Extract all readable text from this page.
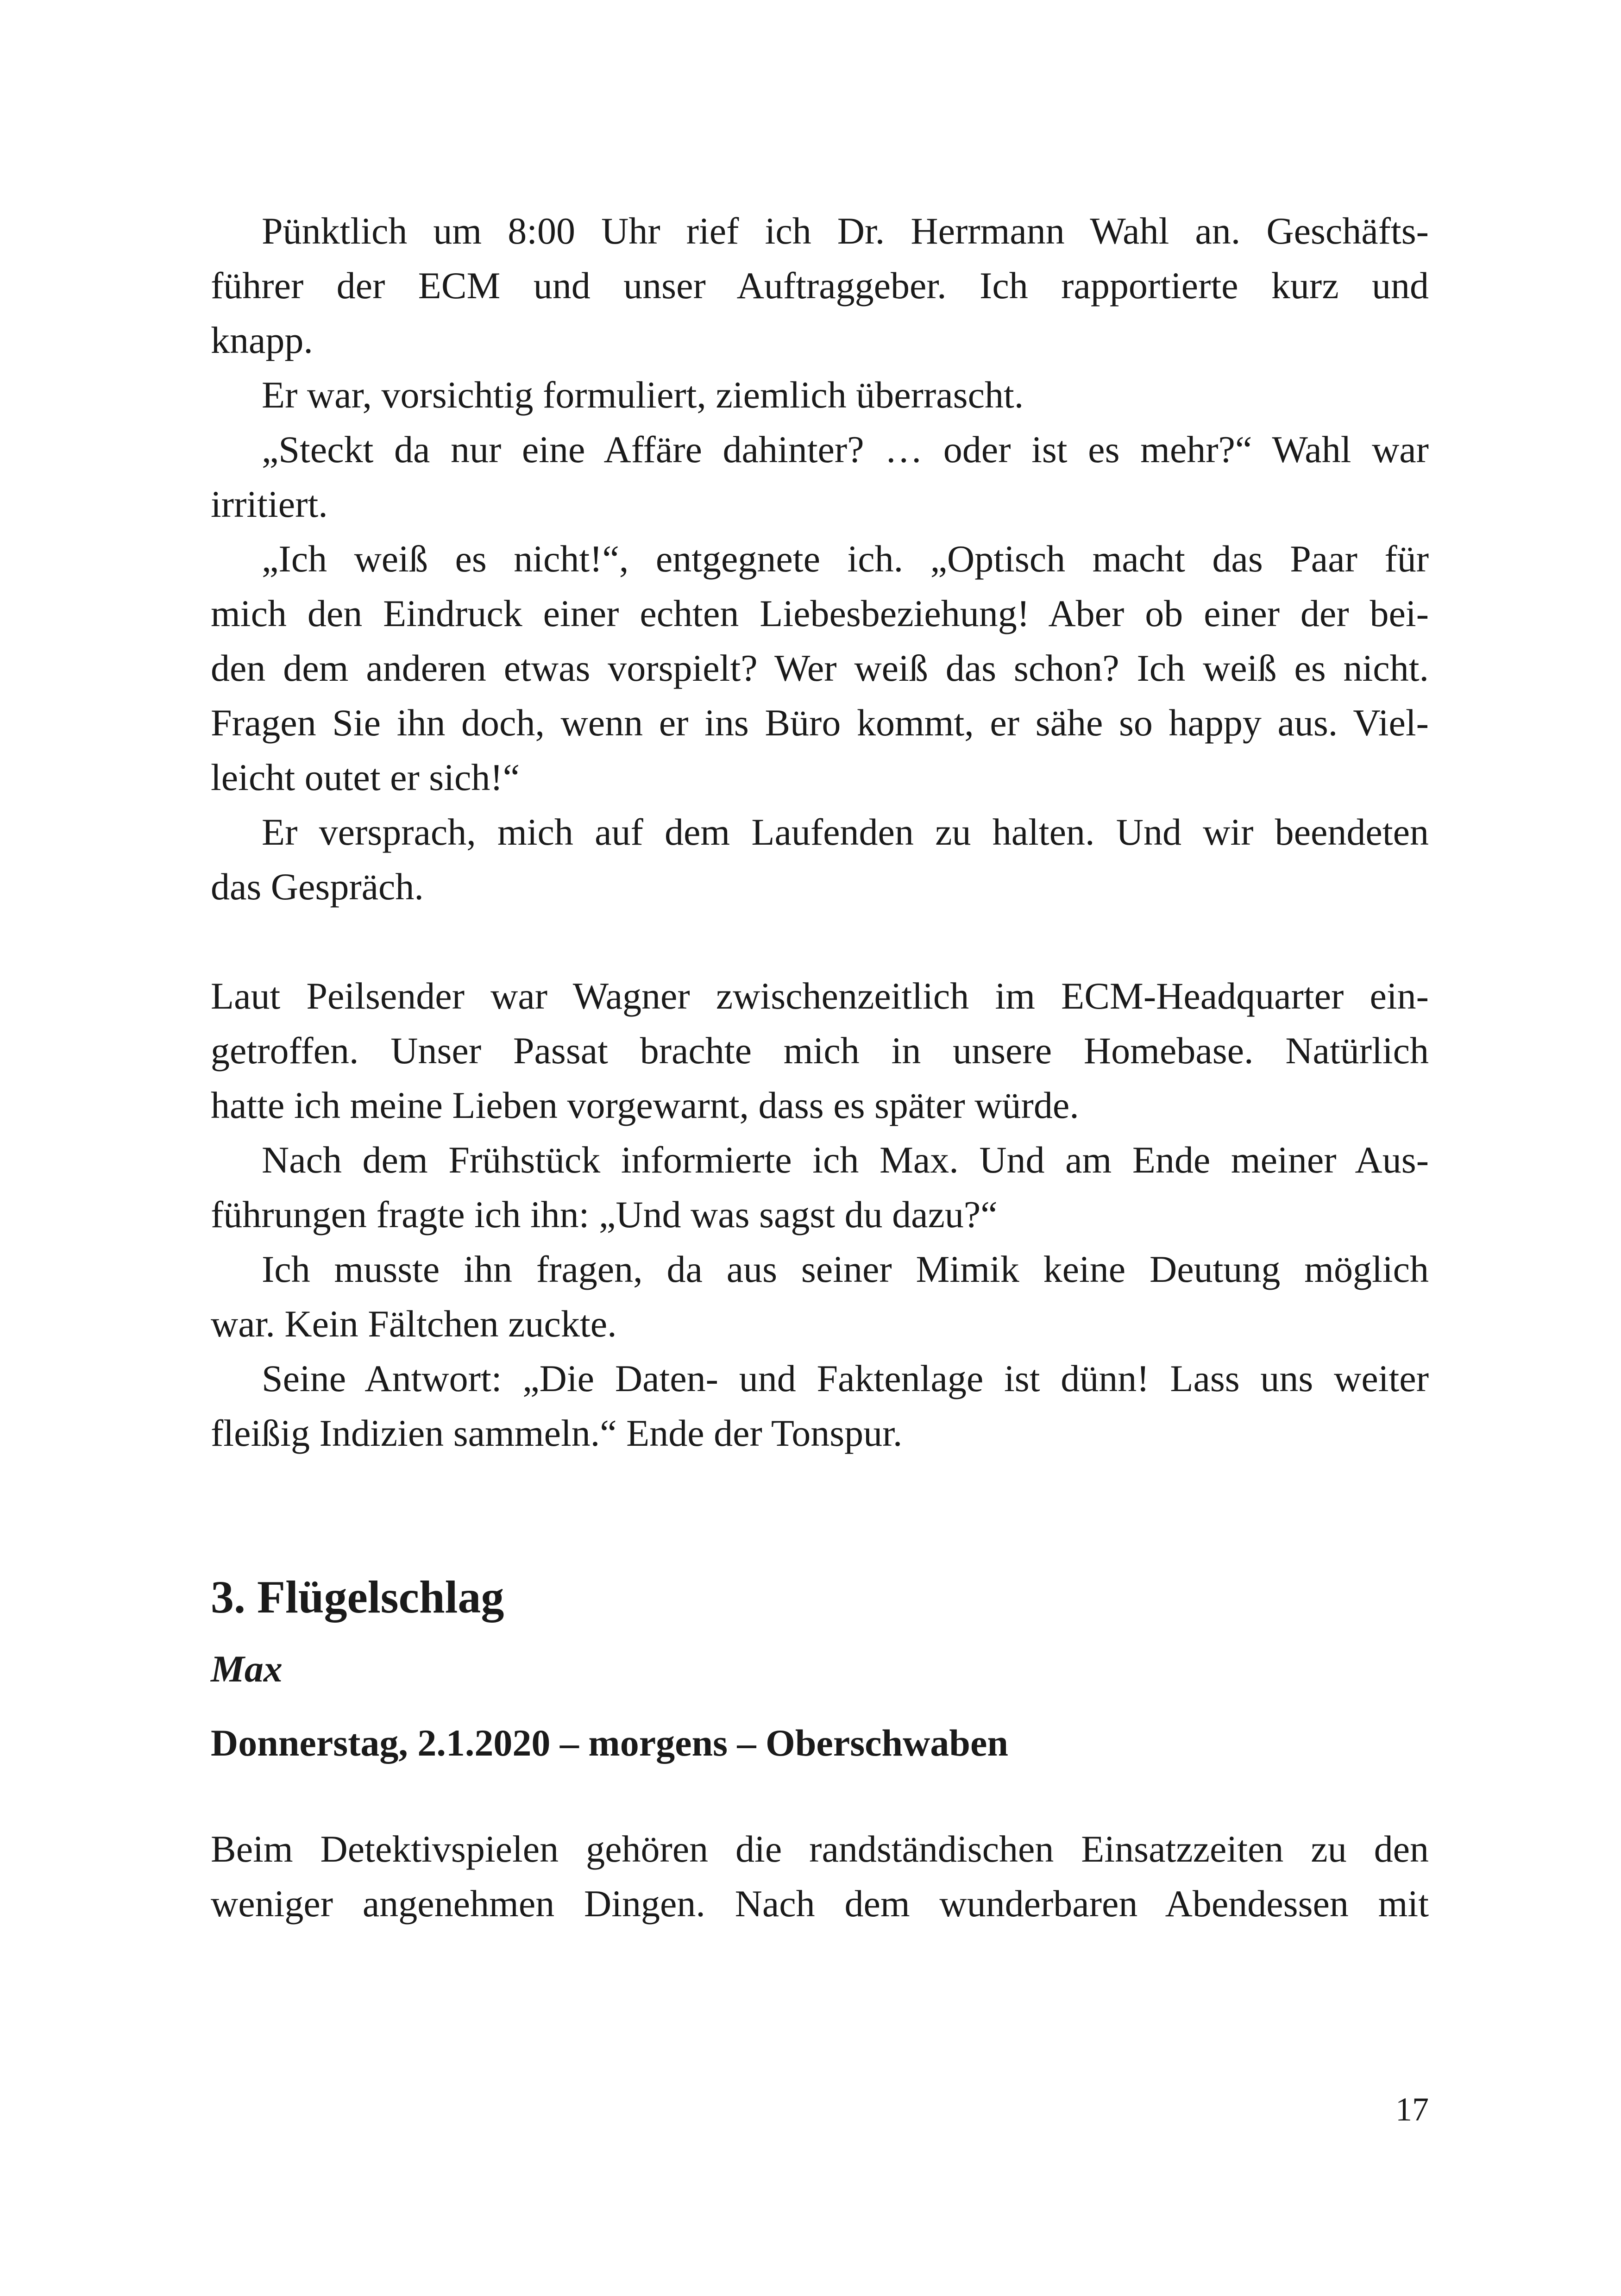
Pünktlich um 8:00 Uhr rief ich Dr. Herrmann Wahl an. Geschäfts-
führer der ECM und unser Auftraggeber. Ich rapportierte kurz und
knapp.
Er war, vorsichtig formuliert, ziemlich überrascht.
„Steckt da nur eine Affäre dahinter? … oder ist es mehr?“ Wahl war
irritiert.
„Ich weiß es nicht!“, entgegnete ich. „Optisch macht das Paar für
mich den Eindruck einer echten Liebesbeziehung! Aber ob einer der bei-
den dem anderen etwas vorspielt? Wer weiß das schon? Ich weiß es nicht.
Fragen Sie ihn doch, wenn er ins Büro kommt, er sähe so happy aus. Viel-
leicht outet er sich!“
Er versprach, mich auf dem Laufenden zu halten. Und wir beendeten
das Gespräch.
Laut Peilsender war Wagner zwischenzeitlich im ECM-Headquarter ein-
getroffen. Unser Passat brachte mich in unsere Homebase. Natürlich
hatte ich meine Lieben vorgewarnt, dass es später würde.
Nach dem Frühstück informierte ich Max. Und am Ende meiner Aus-
führungen fragte ich ihn: „Und was sagst du dazu?“
Ich musste ihn fragen, da aus seiner Mimik keine Deutung möglich
war. Kein Fältchen zuckte.
Seine Antwort: „Die Daten- und Faktenlage ist dünn! Lass uns weiter
fleißig Indizien sammeln.“ Ende der Tonspur.
3. Flügelschlag
Max
Donnerstag, 2.1.2020 – morgens – Oberschwaben
Beim Detektivspielen gehören die randständischen Einsatzzeiten zu den
weniger angenehmen Dingen. Nach dem wunderbaren Abendessen mit
17
